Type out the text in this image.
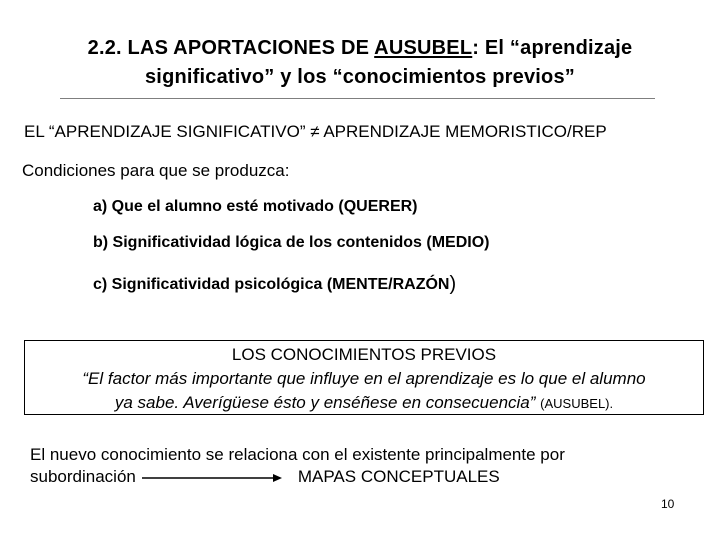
2.2. LAS APORTACIONES DE AUSUBEL: El “aprendizaje
significativo” y los “conocimientos previos”
EL “APRENDIZAJE SIGNIFICATIVO” ≠ APRENDIZAJE MEMORISTICO/REP
Condiciones para que se produzca:
a) Que el alumno esté motivado (QUERER)
b) Significatividad lógica de los contenidos (MEDIO)
c) Significatividad psicológica (MENTE/RAZÓN)
LOS CONOCIMIENTOS PREVIOS
“El factor más importante que influye en el aprendizaje es lo que el alumno
ya sabe. Averígüese ésto y enséñese en consecuencia” (AUSUBEL).
El nuevo conocimiento se relaciona con el existente principalmente por
subordinación	MAPAS CONCEPTUALES
10
